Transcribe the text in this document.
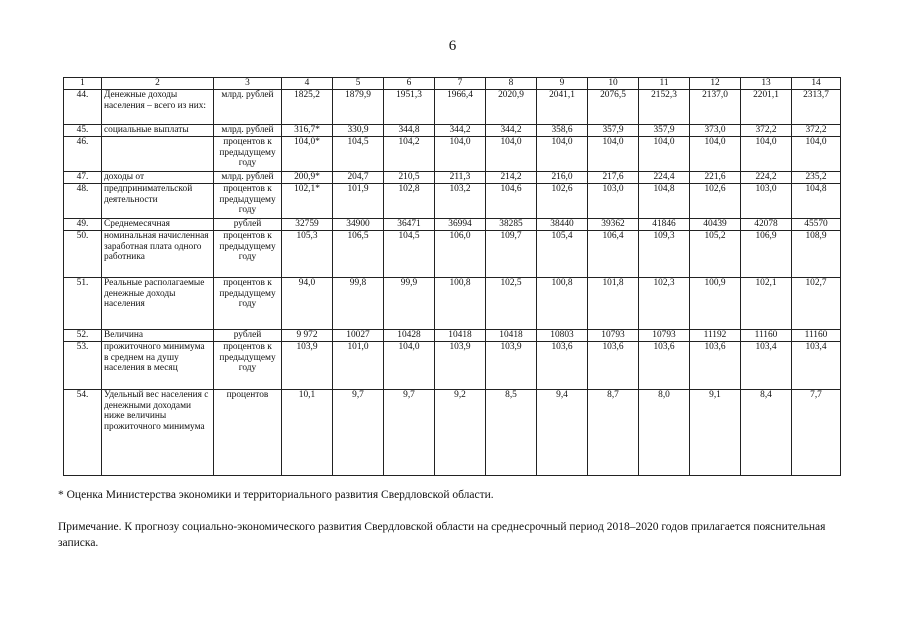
6
1	2	3	4	5	6	7	8	9	10	11	12	13	14
44.	Денежные доходы населения – всего из них:	млрд. рублей	1825,2	1879,9	1951,3	1966,4	2020,9	2041,1	2076,5	2152,3	2137,0	2201,1	2313,7
45.	социальные выплаты	млрд. рублей	316,7*	330,9	344,8	344,2	344,2	358,6	357,9	357,9	373,0	372,2	372,2
46.		процентов к предыдущему году	104,0*	104,5	104,2	104,0	104,0	104,0	104,0	104,0	104,0	104,0	104,0
47.	доходы от	млрд. рублей	200,9*	204,7	210,5	211,3	214,2	216,0	217,6	224,4	221,6	224,2	235,2
48.	предпринимательской деятельности	процентов к предыдущему году	102,1*	101,9	102,8	103,2	104,6	102,6	103,0	104,8	102,6	103,0	104,8
49.	Среднемесячная	рублей	32759	34900	36471	36994	38285	38440	39362	41846	40439	42078	45570
50.	номинальная начисленная заработная плата одного работника	процентов к предыдущему году	105,3	106,5	104,5	106,0	109,7	105,4	106,4	109,3	105,2	106,9	108,9
51.	Реальные располагаемые денежные доходы населения	процентов к предыдущему году	94,0	99,8	99,9	100,8	102,5	100,8	101,8	102,3	100,9	102,1	102,7
52.	Величина	рублей	9 972	10027	10428	10418	10418	10803	10793	10793	11192	11160	11160
53.	прожиточного минимума в среднем на душу населения в месяц	процентов к предыдущему году	103,9	101,0	104,0	103,9	103,9	103,6	103,6	103,6	103,6	103,4	103,4
54.	Удельный вес населения с денежными доходами ниже величины прожиточного минимума	процентов	10,1	9,7	9,7	9,2	8,5	9,4	8,7	8,0	9,1	8,4	7,7
* Оценка Министерства экономики и территориального развития Свердловской области.
Примечание. К прогнозу социально-экономического развития Свердловской области на среднесрочный период 2018–2020 годов прилагается пояснительная записка.
